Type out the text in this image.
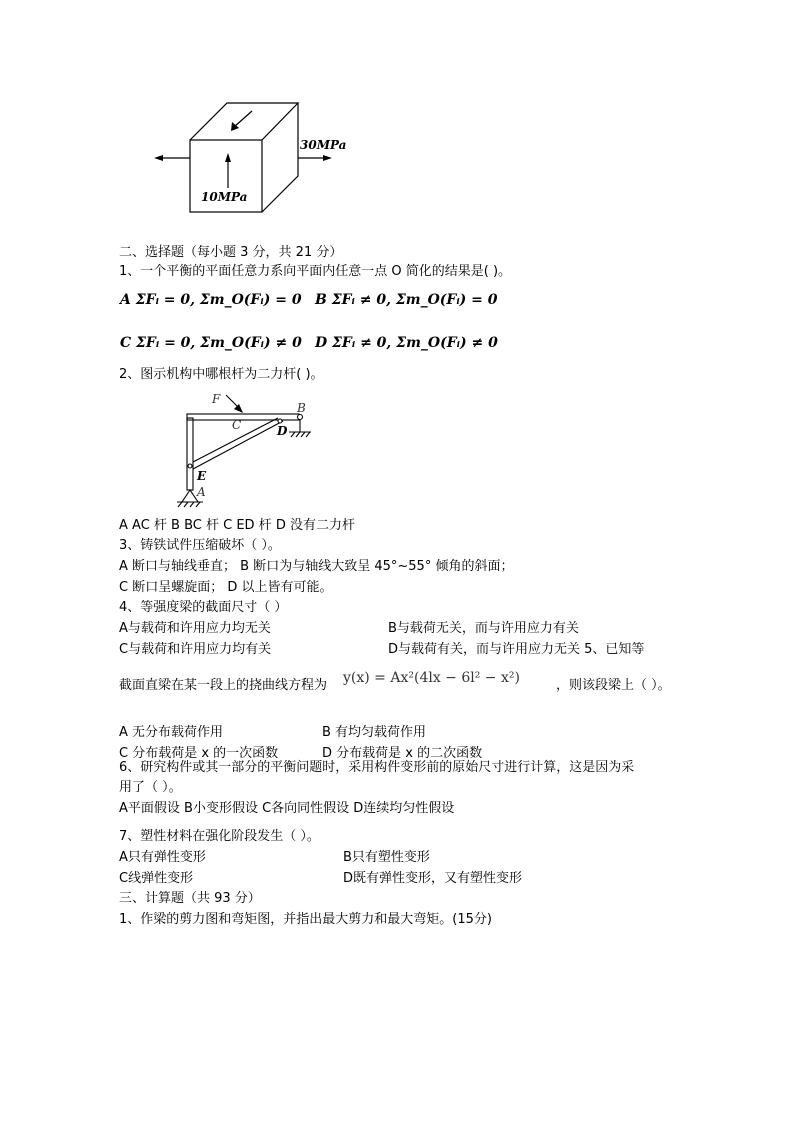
30MPa
10MPa
二、选择题（每小题 3 分，共 21 分）
1、一个平衡的平面任意力系向平面内任意一点 O 简化的结果是( )。
A ΣFᵢ = 0, Σm_O(Fᵢ) = 0 B ΣFᵢ ≠ 0, Σm_O(Fᵢ) = 0
C ΣFᵢ = 0, Σm_O(Fᵢ) ≠ 0 D ΣFᵢ ≠ 0, Σm_O(Fᵢ) ≠ 0
2、图示机构中哪根杆为二力杆( )。
F
B
C	D
E
A
A AC 杆 B BC 杆 C ED 杆 D 没有二力杆
3、铸铁试件压缩破坏（ ）。
A 断口与轴线垂直； B 断口为与轴线大致呈 45°~55° 倾角的斜面；
C 断口呈螺旋面； D 以上皆有可能。
4、等强度梁的截面尺寸（ ）
A与载荷和许用应力均无关	B与载荷无关，而与许用应力有关
C与载荷和许用应力均有关	D与载荷有关，而与许用应力无关 5、已知等
截面直梁在某一段上的挠曲线方程为 y(x) = Ax²(4lx − 6l² − x²)	，则该段梁上（ ）。
A 无分布载荷作用	B 有均匀载荷作用
C 分布载荷是 x 的一次函数	D 分布载荷是 x 的二次函数
6、研究构件或其一部分的平衡问题时，采用构件变形前的原始尺寸进行计算，这是因为采
用了（ ）。
A平面假设 B小变形假设 C各向同性假设 D连续均匀性假设
7、塑性材料在强化阶段发生（ ）。
A只有弹性变形	B只有塑性变形
C线弹性变形	D既有弹性变形，又有塑性变形
三、计算题（共 93 分）
1、作梁的剪力图和弯矩图，并指出最大剪力和最大弯矩。(15分)
